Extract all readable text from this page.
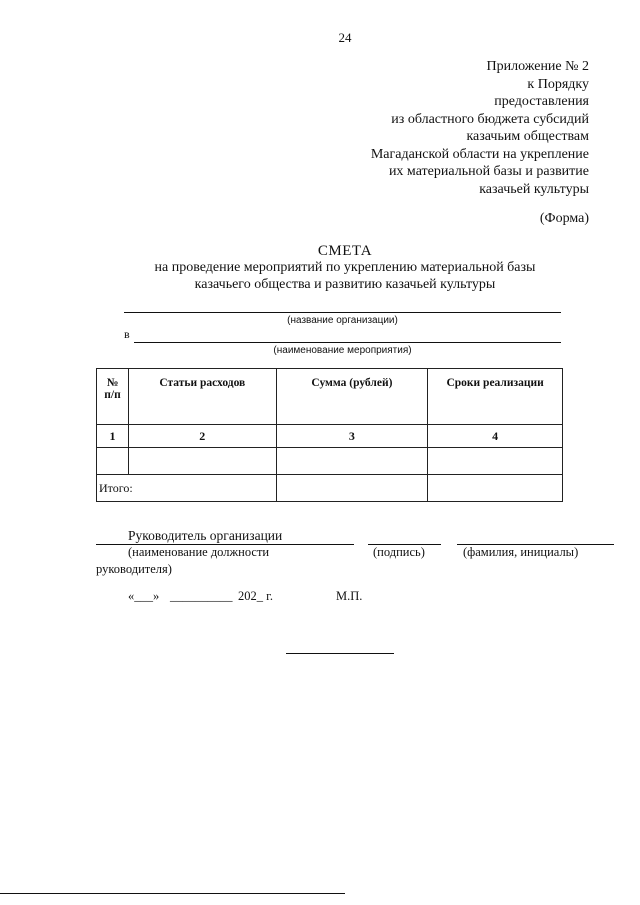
24
Приложение № 2
к Порядку
предоставления
из областного бюджета субсидий
казачьим обществам
Магаданской области на укрепление
их материальной базы и развитие
казачьей культуры
(Форма)
СМЕТА
на проведение мероприятий по укреплению материальной базы
казачьего общества и развитию казачьей культуры
(название организации)
в
(наименование мероприятия)
№ п/п	Статьи расходов	Сумма (рублей)	Сроки реализации
1	2	3	4

Итого:			
Руководитель организации
(наименование должности
руководителя)
(подпись)	(фамилия, инициалы)
«___» __________ 202_ г.	М.П.
